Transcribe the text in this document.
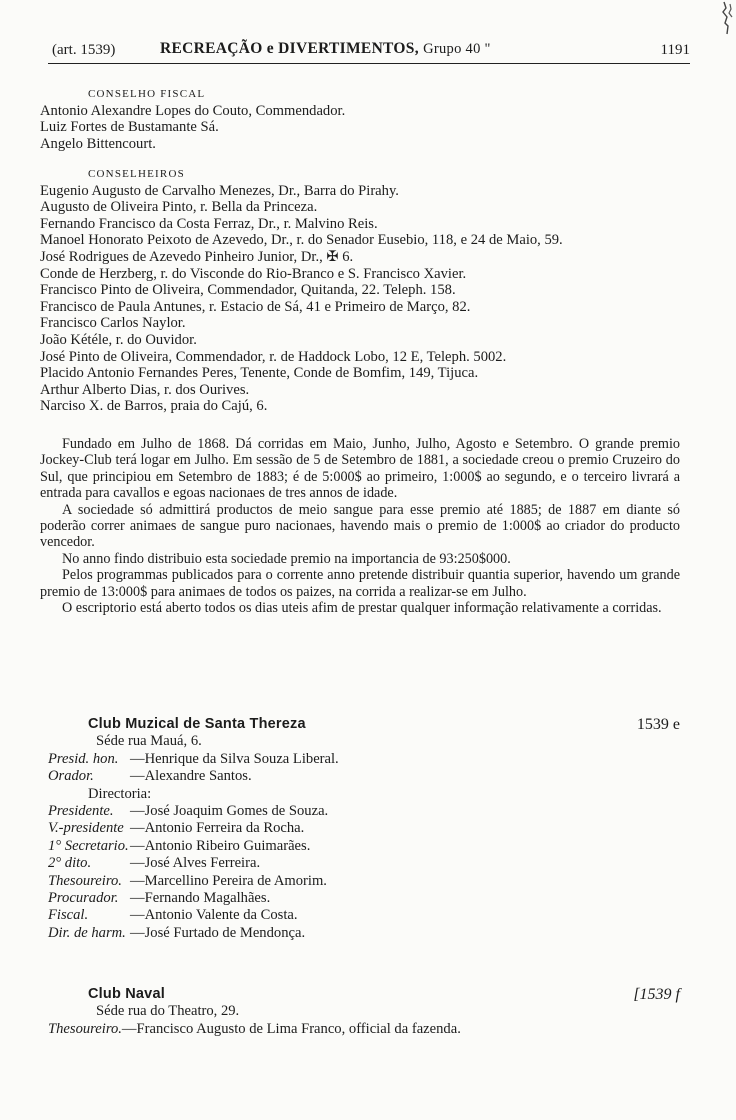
(art. 1539)	RECREAÇÃO e DIVERTIMENTOS, Grupo 40 "	1191
CONSELHO FISCAL
Antonio Alexandre Lopes do Couto, Commendador.
Luiz Fortes de Bustamante Sá.
Angelo Bittencourt.
CONSELHEIROS
Eugenio Augusto de Carvalho Menezes, Dr., Barra do Pirahy.
Augusto de Oliveira Pinto, r. Bella da Princeza.
Fernando Francisco da Costa Ferraz, Dr., r. Malvino Reis.
Manoel Honorato Peixoto de Azevedo, Dr., r. do Senador Eusebio, 118, e 24 de Maio, 59.
José Rodrigues de Azevedo Pinheiro Junior, Dr., ✠ 6.
Conde de Herzberg, r. do Visconde do Rio-Branco e S. Francisco Xavier.
Francisco Pinto de Oliveira, Commendador, Quitanda, 22. Teleph. 158.
Francisco de Paula Antunes, r. Estacio de Sá, 41 e Primeiro de Março, 82.
Francisco Carlos Naylor.
João Kétéle, r. do Ouvidor.
José Pinto de Oliveira, Commendador, r. de Haddock Lobo, 12 E, Teleph. 5002.
Placido Antonio Fernandes Peres, Tenente, Conde de Bomfim, 149, Tijuca.
Arthur Alberto Dias, r. dos Ourives.
Narciso X. de Barros, praia do Cajú, 6.
Fundado em Julho de 1868. Dá corridas em Maio, Junho, Julho, Agosto e Setembro. O grande premio Jockey-Club terá logar em Julho. Em sessão de 5 de Setembro de 1881, a sociedade creou o premio Cruzeiro do Sul, que principiou em Setembro de 1883; é de 5:000$ ao primeiro, 1:000$ ao segundo, e o terceiro livrará a entrada para cavallos e egoas nacionaes de tres annos de idade.
A sociedade só admittirá productos de meio sangue para esse premio até 1885; de 1887 em diante só poderão correr animaes de sangue puro nacionaes, havendo mais o premio de 1:000$ ao criador do producto vencedor.
No anno findo distribuio esta sociedade premio na importancia de 93:250$000.
Pelos programmas publicados para o corrente anno pretende distribuir quantia superior, havendo um grande premio de 13:000$ para animaes de todos os paizes, na corrida a realizar-se em Julho.
O escriptorio está aberto todos os dias uteis afim de prestar qualquer informação relativamente a corridas.
Club Muzical de Santa Thereza	1539 e
Séde rua Mauá, 6.
Presid. hon. —Henrique da Silva Souza Liberal.
Orador.	—Alexandre Santos.
Directoria:
Presidente.	—José Joaquim Gomes de Souza.
V.-presidente —Antonio Ferreira da Rocha.
1° Secretario. —Antonio Ribeiro Guimarães.
2° dito.	—José Alves Ferreira.
Thesoureiro. —Marcellino Pereira de Amorim.
Procurador. —Fernando Magalhães.
Fiscal.	—Antonio Valente da Costa.
Dir. de harm. —José Furtado de Mendonça.
Club Naval	[1539 f
Séde rua do Theatro, 29.
Thesoureiro. —Francisco Augusto de Lima Franco, official da fazenda.
